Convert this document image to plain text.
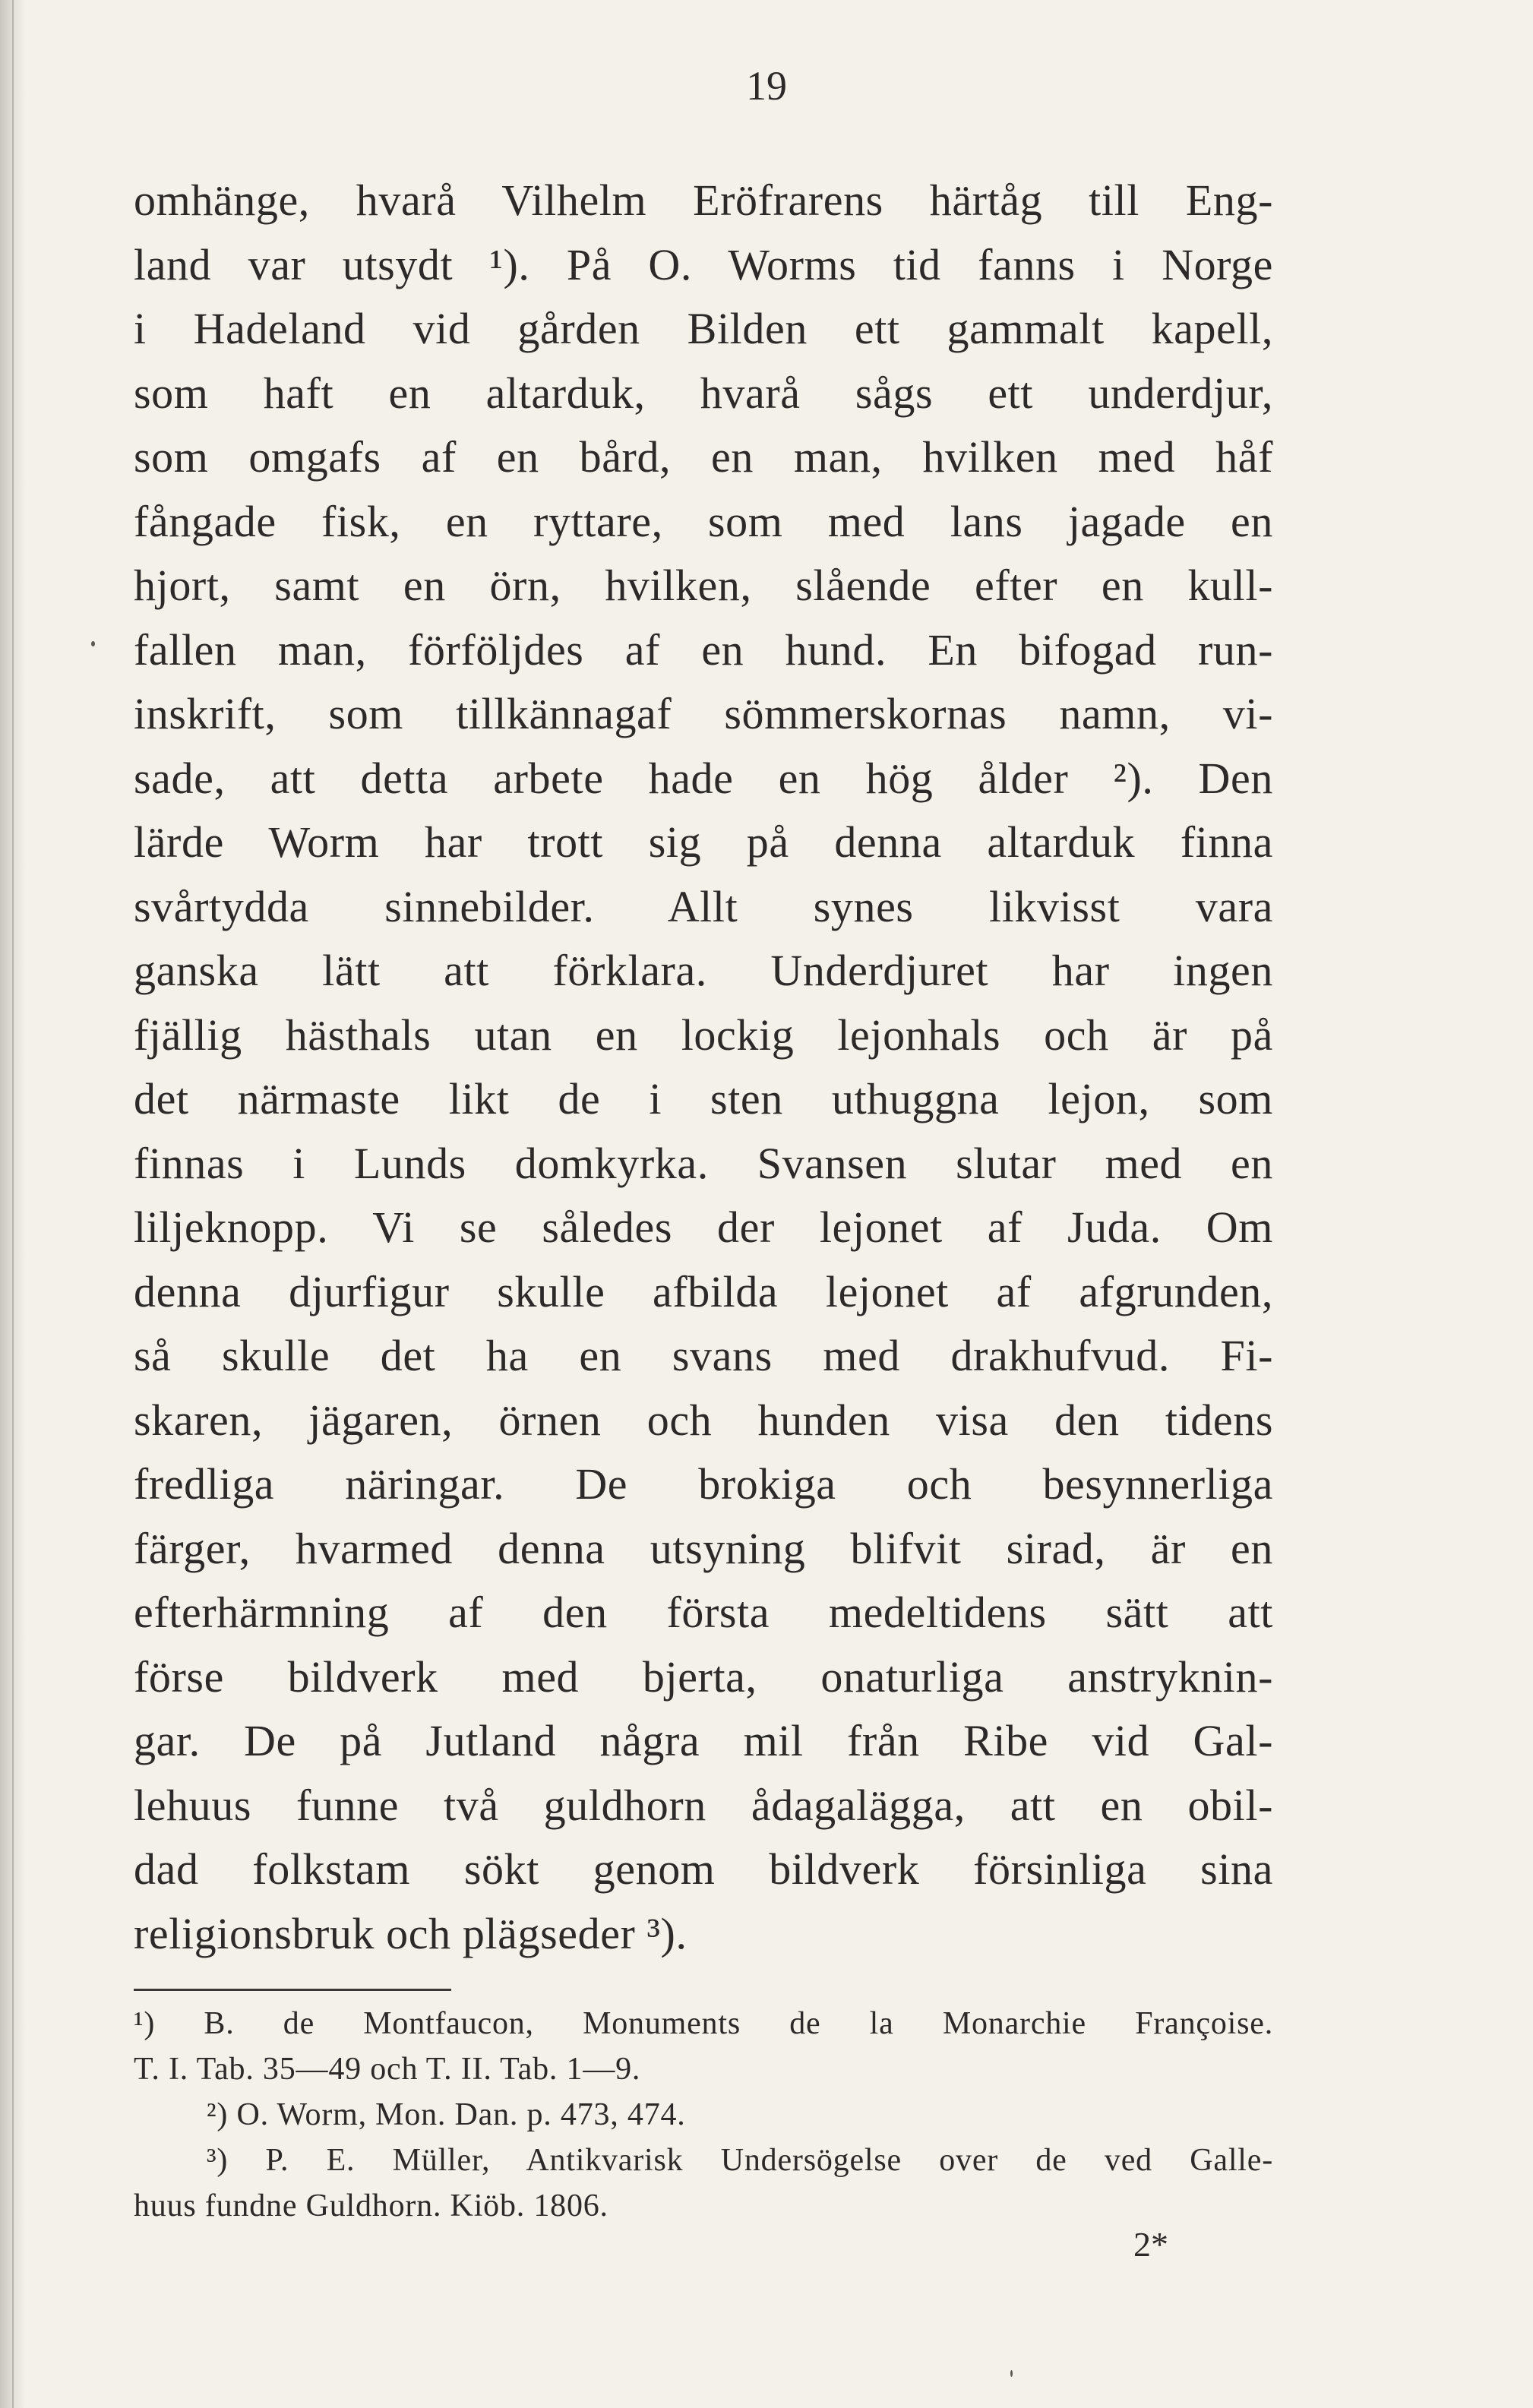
19
omhänge, hvarå Vilhelm Eröfrarens härtåg till Eng-
land var utsydt ¹). På O. Worms tid fanns i Norge
i Hadeland vid gården Bilden ett gammalt kapell,
som haft en altarduk, hvarå sågs ett underdjur,
som omgafs af en bård, en man, hvilken med håf
fångade fisk, en ryttare, som med lans jagade en
hjort, samt en örn, hvilken, slående efter en kull-
fallen man, förföljdes af en hund. En bifogad run-
inskrift, som tillkännagaf sömmerskornas namn, vi-
sade, att detta arbete hade en hög ålder ²). Den
lärde Worm har trott sig på denna altarduk finna
svårtydda sinnebilder. Allt synes likvisst vara
ganska lätt att förklara. Underdjuret har ingen
fjällig hästhals utan en lockig lejonhals och är på
det närmaste likt de i sten uthuggna lejon, som
finnas i Lunds domkyrka. Svansen slutar med en
liljeknopp. Vi se således der lejonet af Juda. Om
denna djurfigur skulle afbilda lejonet af afgrunden,
så skulle det ha en svans med drakhufvud. Fi-
skaren, jägaren, örnen och hunden visa den tidens
fredliga näringar. De brokiga och besynnerliga
färger, hvarmed denna utsyning blifvit sirad, är en
efterhärmning af den första medeltidens sätt att
förse bildverk med bjerta, onaturliga anstryknin-
gar. De på Jutland några mil från Ribe vid Gal-
lehuus funne två guldhorn ådagalägga, att en obil-
dad folkstam sökt genom bildverk försinliga sina
religionsbruk och plägseder ³).
¹) B. de Montfaucon, Monuments de la Monarchie Françoise.
T. I. Tab. 35—49 och T. II. Tab. 1—9.
²) O. Worm, Mon. Dan. p. 473, 474.
³) P. E. Müller, Antikvarisk Undersögelse over de ved Galle-
huus fundne Guldhorn. Kiöb. 1806.
2*
